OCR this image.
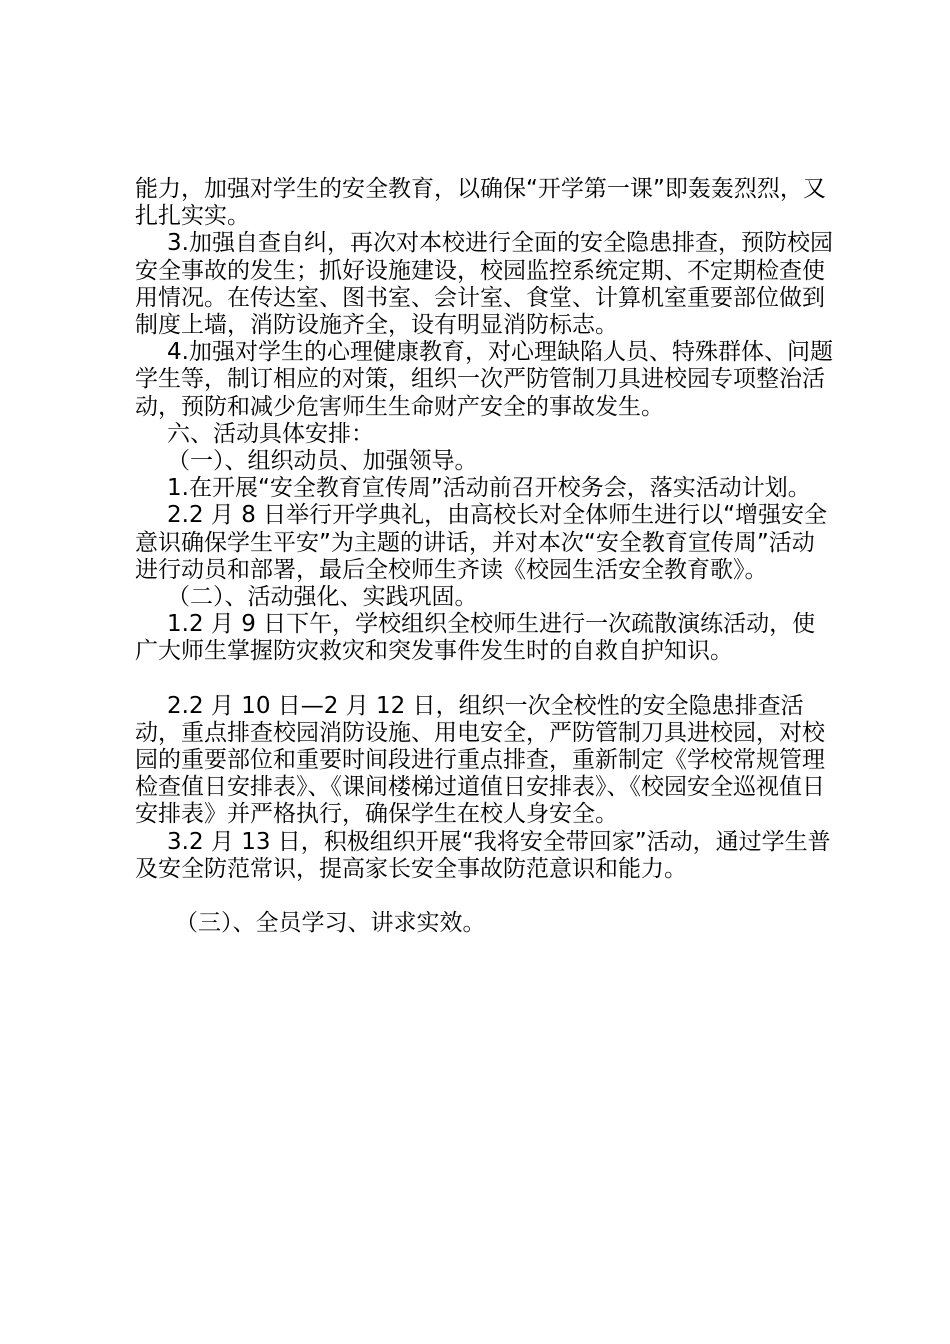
能力，加强对学生的安全教育，以确保“开学第一课”即轰轰烈烈，又扎扎实实。

3.加强自查自纠，再次对本校进行全面的安全隐患排查，预防校园安全事故的发生；抓好设施建设，校园监控系统定期、不定期检查使用情况。在传达室、图书室、会计室、食堂、计算机室重要部位做到制度上墙，消防设施齐全，设有明显消防标志。

4.加强对学生的心理健康教育，对心理缺陷人员、特殊群体、问题学生等，制订相应的对策，组织一次严防管制刀具进校园专项整治活动，预防和减少危害师生生命财产安全的事故发生。

六、活动具体安排：

（一）、组织动员、加强领导。

1.在开展“安全教育宣传周”活动前召开校务会，落实活动计划。

2.2 月 8 日举行开学典礼，由高校长对全体师生进行以“增强安全意识确保学生平安”为主题的讲话，并对本次“安全教育宣传周”活动进行动员和部署，最后全校师生齐读《校园生活安全教育歌》。

（二）、活动强化、实践巩固。

1.2 月 9 日下午，学校组织全校师生进行一次疏散演练活动，使广大师生掌握防灾救灾和突发事件发生时的自救自护知识。

2.2 月 10 日—2 月 12 日，组织一次全校性的安全隐患排查活动，重点排查校园消防设施、用电安全，严防管制刀具进校园，对校园的重要部位和重要时间段进行重点排查，重新制定《学校常规管理检查值日安排表》、《课间楼梯过道值日安排表》、《校园安全巡视值日安排表》并严格执行，确保学生在校人身安全。

3.2 月 13 日，积极组织开展“我将安全带回家”活动，通过学生普及安全防范常识，提高家长安全事故防范意识和能力。

（三）、全员学习、讲求实效。
